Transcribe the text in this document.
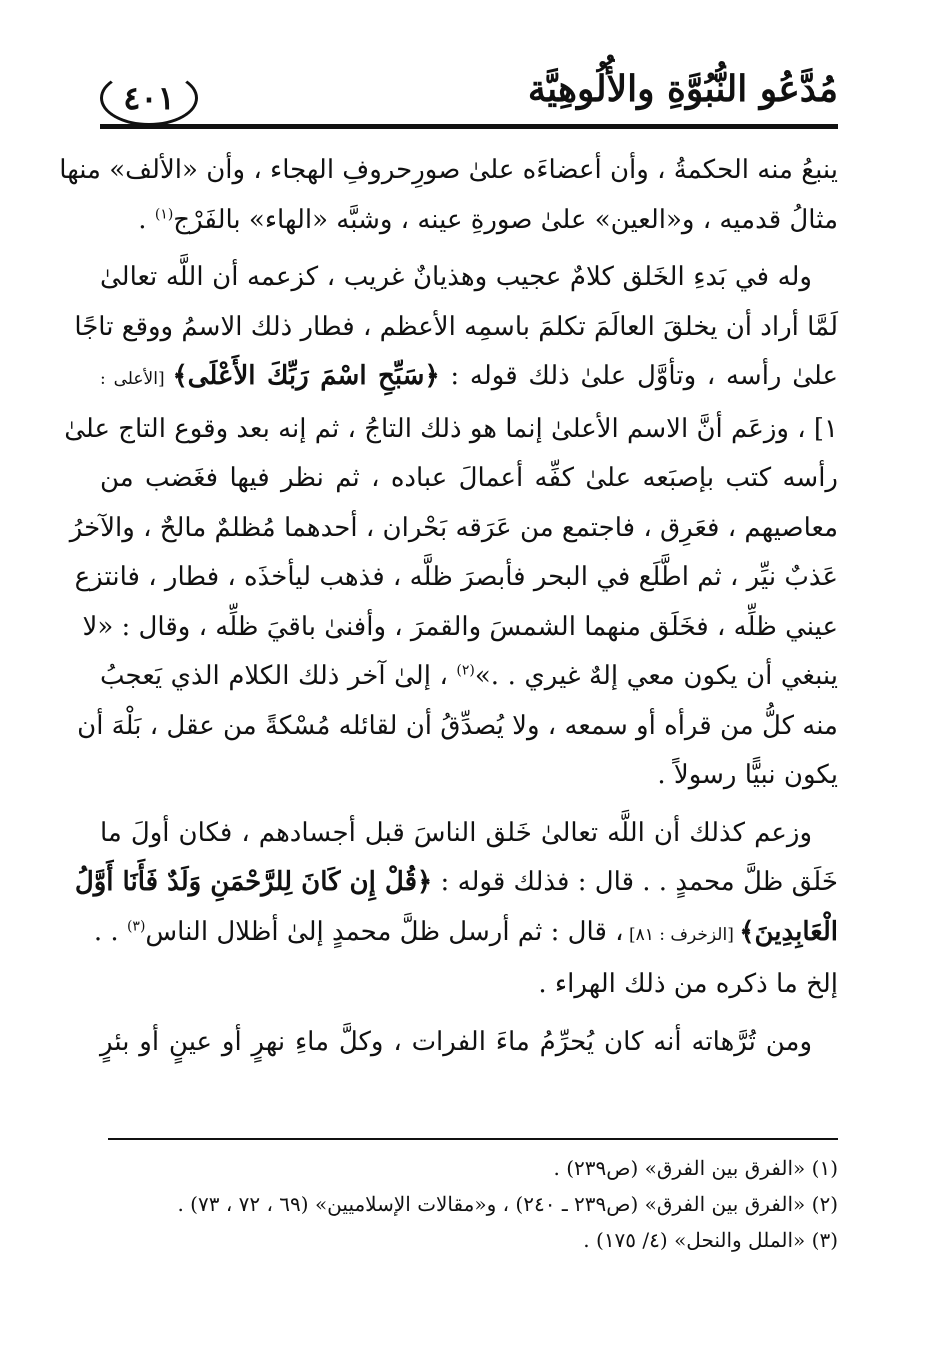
٤٠١	مُدَّعُو النُّبُوَّةِ والأُلُوهِيَّة
ينبعُ منه الحكمةُ ، وأن أعضاءَه علىٰ صورِحروفِ الهجاء ، وأن «الألف» منها
مثالُ قدميه ، و«العين» علىٰ صورةِ عينه ، وشبَّه «الهاء» بالفَرْج$^{(١)}$ .
وله في بَدءِ الخَلق كلامٌ عجيب وهذيانٌ غريب ، كزعمه أن اللَّه تعالىٰ
لَمَّا أراد أن يخلقَ العالَمَ تكلمَ باسمِه الأعظم ، فطار ذلك الاسمُ ووقع تاجًا
علىٰ رأسه ، وتأوَّل علىٰ ذلك قوله : ﴿سَبِّحِ اسْمَ رَبِّكَ الأَعْلَى﴾ [الأعلى :
١] ، وزعَم أنَّ الاسم الأعلىٰ إنما هو ذلك التاجُ ، ثم إنه بعد وقوع التاج علىٰ
رأسه كتب بإصبَعه علىٰ كفِّه أعمالَ عباده ، ثم نظر فيها فغَضب من
معاصيهم ، فعَرِق ، فاجتمع من عَرَقه بَحْران ، أحدهما مُظلمٌ مالحٌ ، والآخرُ
عَذبٌ نيِّر ، ثم اطَّلَع في البحر فأبصرَ ظلَّه ، فذهب ليأخذَه ، فطار ، فانتزع
عيني ظلِّه ، فخَلَق منهما الشمسَ والقمرَ ، وأفنىٰ باقيَ ظلِّه ، وقال : «لا
ينبغي أن يكون معي إلهٌ غيري . .»$^{(٢)}$ ، إلىٰ آخر ذلك الكلام الذي يَعجبُ
منه كلُّ من قرأه أو سمعه ، ولا يُصدِّقُ أن لقائله مُسْكةً من عقل ، بَلْهَ أن
يكون نبيًّا رسولاً .
وزعم كذلك أن اللَّه تعالىٰ خَلق الناسَ قبل أجسادهم ، فكان أولَ ما
خَلَق ظلَّ محمدٍ . . قال : فذلك قوله : ﴿قُلْ إِن كَانَ لِلرَّحْمَنِ وَلَدٌ فَأَنَا أَوَّلُ
الْعَابِدِينَ﴾ [الزخرف : ٨١] ، قال : ثم أرسل ظلَّ محمدٍ إلىٰ أظلال الناس$^{(٣)}$ . .
إلخ ما ذكره من ذلك الهراء .
ومن تُرَّهاته أنه كان يُحرِّمُ ماءَ الفرات ، وكلَّ ماءِ نهرٍ أو عينٍ أو بئرٍ
(١) «الفرق بين الفرق» (ص٢٣٩) .
(٢) «الفرق بين الفرق» (ص٢٣٩ ـ ٢٤٠) ، و«مقالات الإسلاميين» (٦٩ ، ٧٢ ، ٧٣) .
(٣) «الملل والنحل» (٤/ ١٧٥) .
